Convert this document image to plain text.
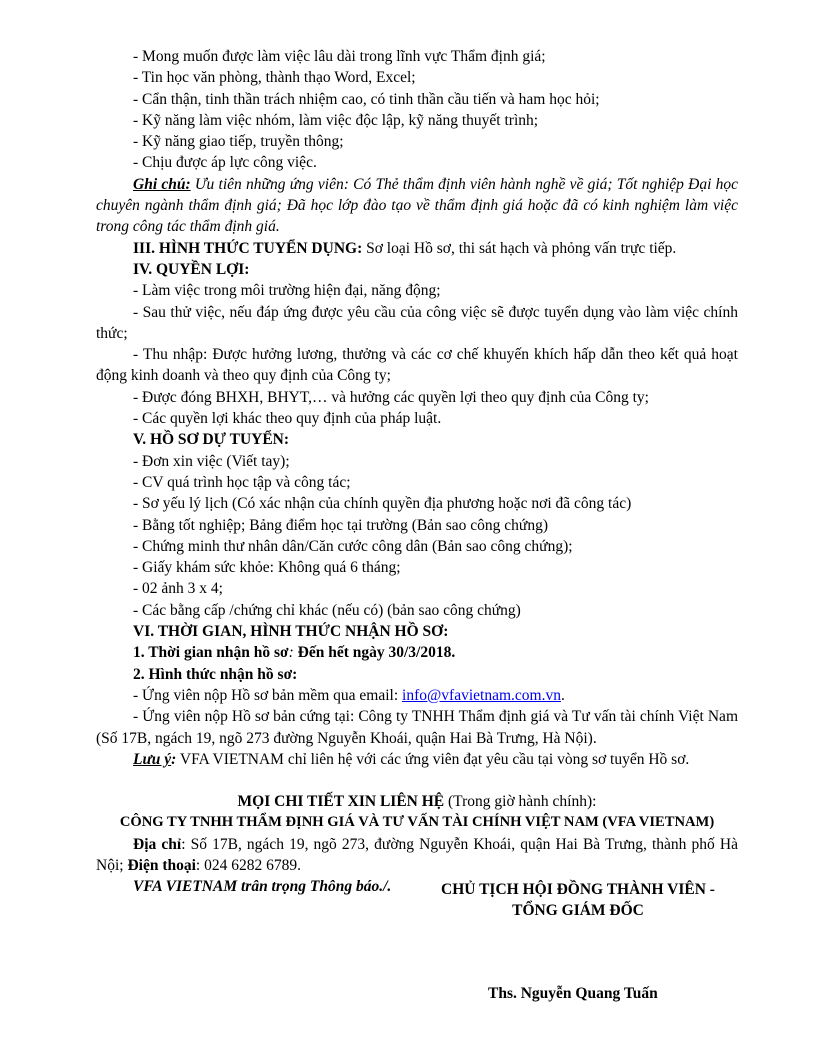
- Mong muốn được làm việc lâu dài trong lĩnh vực Thẩm định giá;

- Tin học văn phòng, thành thạo Word, Excel;

- Cẩn thận, tinh thần trách nhiệm cao, có tinh thần cầu tiến và ham học hỏi;

- Kỹ năng làm việc nhóm, làm việc độc lập, kỹ năng thuyết trình;

- Kỹ năng giao tiếp, truyền thông;

- Chịu được áp lực công việc.

Ghi chú: Ưu tiên những ứng viên: Có Thẻ thẩm định viên hành nghề về giá; Tốt nghiệp Đại học chuyên ngành thẩm định giá; Đã học lớp đào tạo về thẩm định giá hoặc đã có kinh nghiệm làm việc trong công tác thẩm định giá.

III. HÌNH THỨC TUYỂN DỤNG: Sơ loại Hồ sơ, thi sát hạch và phỏng vấn trực tiếp.

IV. QUYỀN LỢI:

- Làm việc trong môi trường hiện đại, năng động;

- Sau thử việc, nếu đáp ứng được yêu cầu của công việc sẽ được tuyển dụng vào làm việc chính thức;

- Thu nhập: Được hưởng lương, thưởng và các cơ chế khuyến khích hấp dẫn theo kết quả hoạt động kinh doanh và theo quy định của Công ty;

- Được đóng BHXH, BHYT,… và hưởng các quyền lợi theo quy định của Công ty;

- Các quyền lợi khác theo quy định của pháp luật.

V. HỒ SƠ DỰ TUYỂN:

- Đơn xin việc (Viết tay);

- CV quá trình học tập và công tác;

- Sơ yếu lý lịch (Có xác nhận của chính quyền địa phương hoặc nơi đã công tác)

- Bằng tốt nghiệp; Bảng điểm học tại trường (Bản sao công chứng)

- Chứng minh thư nhân dân/Căn cước công dân (Bản sao công chứng);

- Giấy khám sức khỏe: Không quá 6 tháng;

- 02 ảnh 3 x 4;

- Các bằng cấp /chứng chỉ khác (nếu có) (bản sao công chứng)

VI. THỜI GIAN, HÌNH THỨC NHẬN HỒ SƠ:

1. Thời gian nhận hồ sơ: Đến hết ngày 30/3/2018.

2. Hình thức nhận hồ sơ:

- Ứng viên nộp Hồ sơ bản mềm qua email: info@vfavietnam.com.vn.

- Ứng viên nộp Hồ sơ bản cứng tại: Công ty TNHH Thẩm định giá và Tư vấn tài chính Việt Nam (Số 17B, ngách 19, ngõ 273 đường Nguyễn Khoái, quận Hai Bà Trưng, Hà Nội).

Lưu ý: VFA VIETNAM chỉ liên hệ với các ứng viên đạt yêu cầu tại vòng sơ tuyển Hồ sơ.

MỌI CHI TIẾT XIN LIÊN HỆ (Trong giờ hành chính):

CÔNG TY TNHH THẨM ĐỊNH GIÁ VÀ TƯ VẤN TÀI CHÍNH VIỆT NAM (VFA VIETNAM)

Địa chỉ: Số 17B, ngách 19, ngõ 273, đường Nguyễn Khoái, quận Hai Bà Trưng, thành phố Hà Nội; Điện thoại: 024 6282 6789.

VFA VIETNAM trân trọng Thông báo./.	CHỦ TỊCH HỘI ĐỒNG THÀNH VIÊN -
TỔNG GIÁM ĐỐC
Ths. Nguyễn Quang Tuấn
